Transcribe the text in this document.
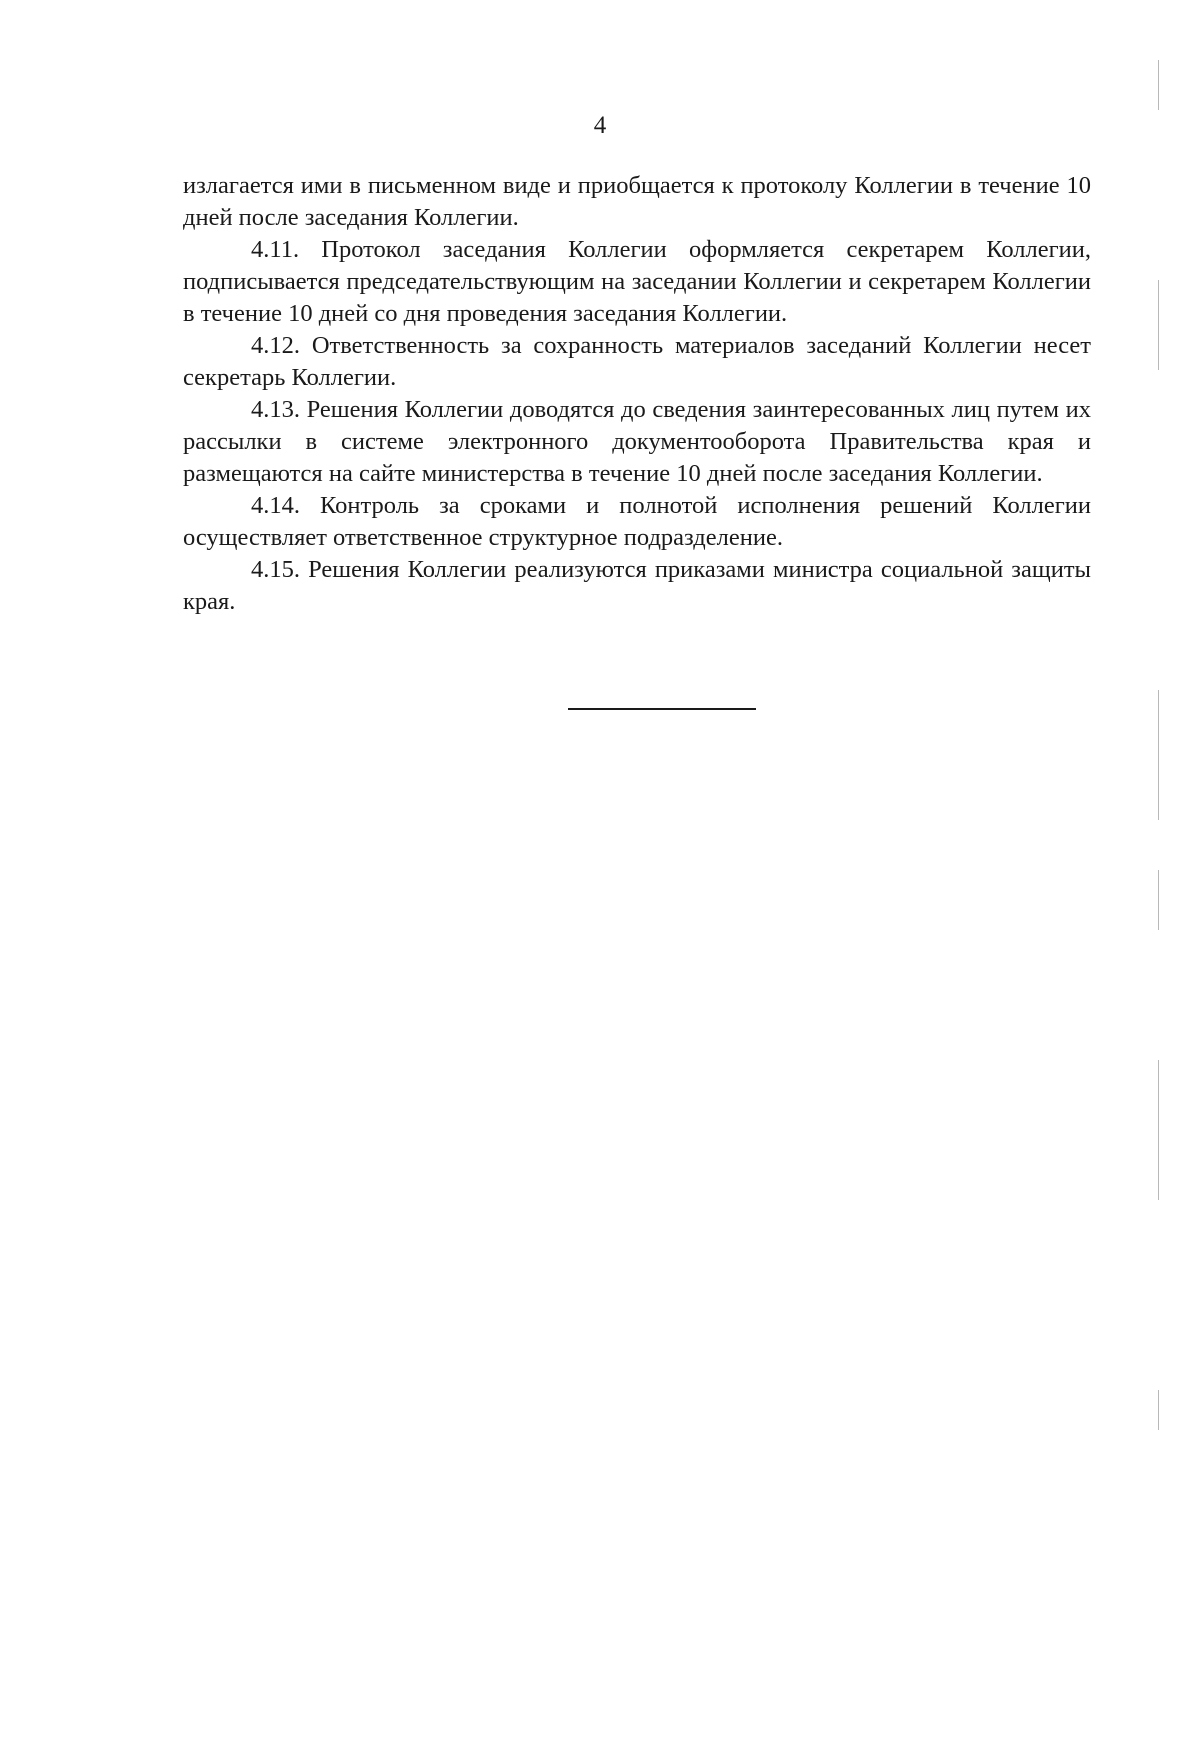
4

излагается ими в письменном виде и приобщается к протоколу Коллегии в течение 10 дней после заседания Коллегии.

4.11. Протокол заседания Коллегии оформляется секретарем Коллегии, подписывается председательствующим на заседании Коллегии и секретарем Коллегии в течение 10 дней со дня проведения заседания Коллегии.

4.12. Ответственность за сохранность материалов заседаний Коллегии несет секретарь Коллегии.

4.13. Решения Коллегии доводятся до сведения заинтересованных лиц путем их рассылки в системе электронного документооборота Правительства края и размещаются на сайте министерства в течение 10 дней после заседания Коллегии.

4.14. Контроль за сроками и полнотой исполнения решений Коллегии осуществляет ответственное структурное подразделение.

4.15. Решения Коллегии реализуются приказами министра социальной защиты края.
